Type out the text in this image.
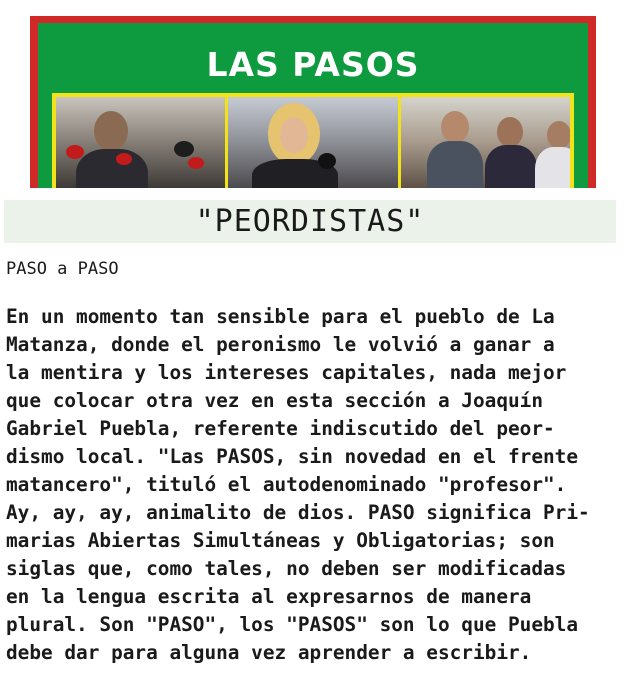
LAS PASOS
"PEORDISTAS"

PASO a PASO

En un momento tan sensible para el pueblo de La
Matanza, donde el peronismo le volvió a ganar a
la mentira y los intereses capitales, nada mejor
que colocar otra vez en esta sección a Joaquín
Gabriel Puebla, referente indiscutido del peor-
dismo local. "Las PASOS, sin novedad en el frente
matancero", tituló el autodenominado "profesor".
Ay, ay, ay, animalito de dios. PASO significa Pri-
marias Abiertas Simultáneas y Obligatorias; son
siglas que, como tales, no deben ser modificadas
en la lengua escrita al expresarnos de manera
plural. Son "PASO", los "PASOS" son lo que Puebla
debe dar para alguna vez aprender a escribir.
